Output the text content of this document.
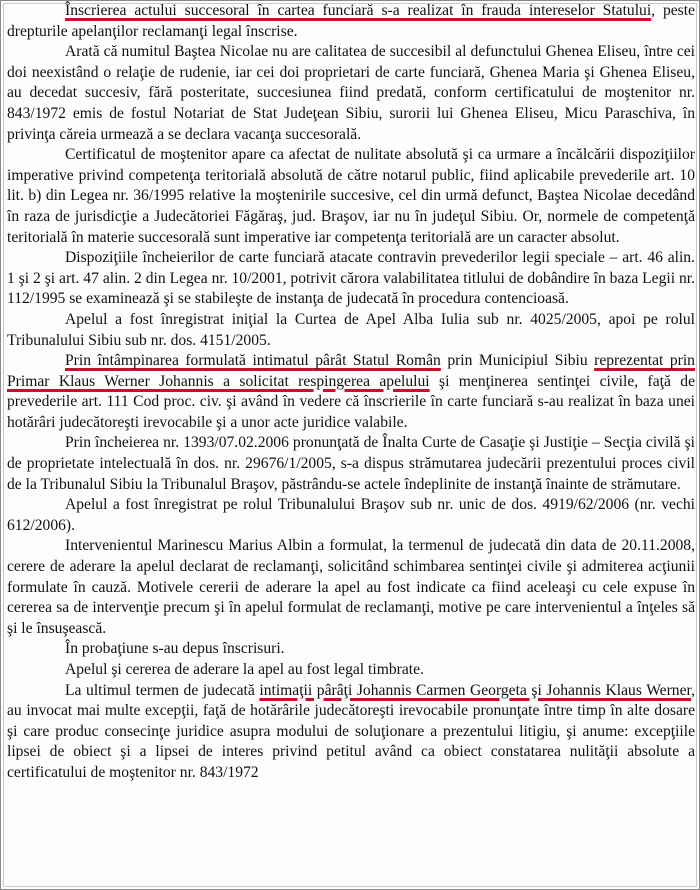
Înscrierea actului succesoral în cartea funciară s-a realizat în frauda intereselor Statului, peste drepturile apelanţilor reclamanţi legal înscrise.

Arată că numitul Baştea Nicolae nu are calitatea de succesibil al defunctului Ghenea Eliseu, între cei doi neexistând o relaţie de rudenie, iar cei doi proprietari de carte funciară, Ghenea Maria şi Ghenea Eliseu, au decedat succesiv, fără posteritate, succesiunea fiind predată, conform certificatului de moştenitor nr. 843/1972 emis de fostul Notariat de Stat Judeţean Sibiu, surorii lui Ghenea Eliseu, Micu Paraschiva, în privinţa căreia urmează a se declara vacanţa succesorală.

Certificatul de moştenitor apare ca afectat de nulitate absolută şi ca urmare a încălcării dispoziţiilor imperative privind competenţa teritorială absolută de către notarul public, fiind aplicabile prevederile art. 10 lit. b) din Legea nr. 36/1995 relative la moştenirile succesive, cel din urmă defunct, Baştea Nicolae decedând în raza de jurisdicţie a Judecătoriei Făgăraş, jud. Braşov, iar nu în judeţul Sibiu. Or, normele de competenţă teritorială în materie succesorală sunt imperative iar competenţa teritorială are un caracter absolut.

Dispoziţiile încheierilor de carte funciară atacate contravin prevederilor legii speciale – art. 46 alin. 1 şi 2 şi art. 47 alin. 2 din Legea nr. 10/2001, potrivit cărora valabilitatea titlului de dobândire în baza Legii nr. 112/1995 se examinează şi se stabileşte de instanţa de judecată în procedura contencioasă.

Apelul a fost înregistrat iniţial la Curtea de Apel Alba Iulia sub nr. 4025/2005, apoi pe rolul Tribunalului Sibiu sub nr. dos. 4151/2005.

Prin întâmpinarea formulată intimatul pârât Statul Român prin Municipiul Sibiu reprezentat prin Primar Klaus Werner Johannis a solicitat respingerea apelului şi menţinerea sentinţei civile, faţă de prevederile art. 111 Cod proc. civ. şi având în vedere că înscrierile în carte funciară s-au realizat în baza unei hotărâri judecătoreşti irevocabile şi a unor acte juridice valabile.

Prin încheierea nr. 1393/07.02.2006 pronunţată de Înalta Curte de Casaţie şi Justiţie – Secţia civilă şi de proprietate intelectuală în dos. nr. 29676/1/2005, s-a dispus strămutarea judecării prezentului proces civil de la Tribunalul Sibiu la Tribunalul Braşov, păstrându-se actele îndeplinite de instanţă înainte de strămutare.

Apelul a fost înregistrat pe rolul Tribunalului Braşov sub nr. unic de dos. 4919/62/2006 (nr. vechi 612/2006).

Intervenientul Marinescu Marius Albin a formulat, la termenul de judecată din data de 20.11.2008, cerere de aderare la apelul declarat de reclamanţi, solicitând schimbarea sentinţei civile şi admiterea acţiunii formulate în cauză. Motivele cererii de aderare la apel au fost indicate ca fiind aceleaşi cu cele expuse în cererea sa de intervenţie precum şi în apelul formulat de reclamanţi, motive pe care intervenientul a înţeles să şi le însuşească.

În probaţiune s-au depus înscrisuri.

Apelul şi cererea de aderare la apel au fost legal timbrate.

La ultimul termen de judecată intimaţii pârâţi Johannis Carmen Georgeta şi Johannis Klaus Werner, au invocat mai multe excepţii, faţă de hotărârile judecătoreşti irevocabile pronunţate între timp în alte dosare şi care produc consecinţe juridice asupra modului de soluţionare a prezentului litigiu, şi anume: excepţiile lipsei de obiect şi a lipsei de interes privind petitul având ca obiect constatarea nulităţii absolute a certificatului de moştenitor nr. 843/1972
